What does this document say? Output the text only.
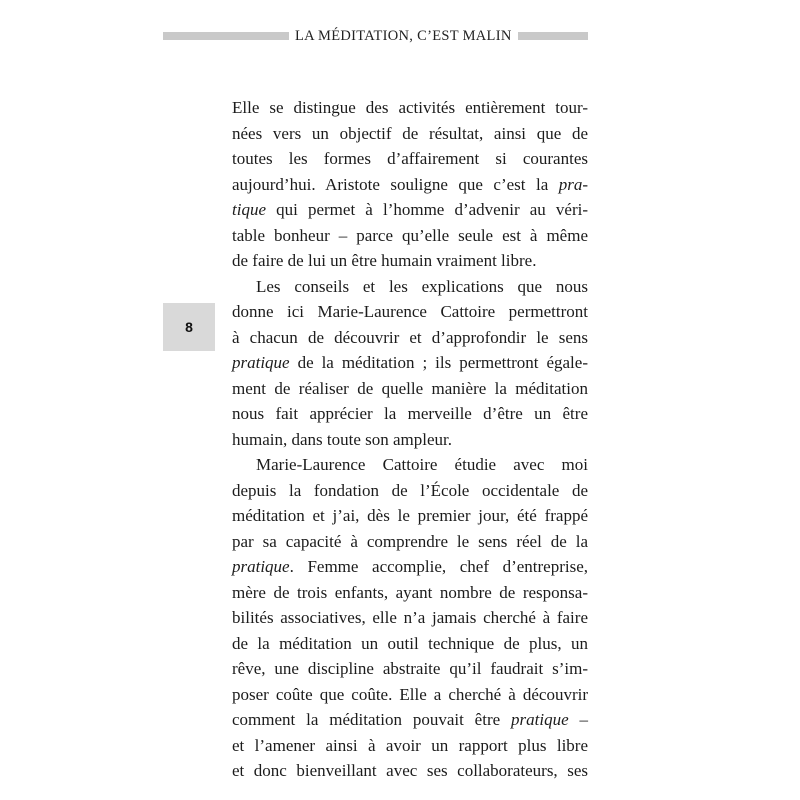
LA MÉDITATION, C’EST MALIN
8
Elle se distingue des activités entièrement tour-
nées vers un objectif de résultat, ainsi que de
toutes les formes d’affairement si courantes
aujourd’hui. Aristote souligne que c’est la pra-
tique qui permet à l’homme d’advenir au véri-
table bonheur – parce qu’elle seule est à même
de faire de lui un être humain vraiment libre.
Les conseils et les explications que nous
donne ici Marie-Laurence Cattoire permettront
à chacun de découvrir et d’approfondir le sens
pratique de la méditation ; ils permettront égale-
ment de réaliser de quelle manière la méditation
nous fait apprécier la merveille d’être un être
humain, dans toute son ampleur.
Marie-Laurence Cattoire étudie avec moi
depuis la fondation de l’École occidentale de
méditation et j’ai, dès le premier jour, été frappé
par sa capacité à comprendre le sens réel de la
pratique. Femme accomplie, chef d’entreprise,
mère de trois enfants, ayant nombre de responsa-
bilités associatives, elle n’a jamais cherché à faire
de la méditation un outil technique de plus, un
rêve, une discipline abstraite qu’il faudrait s’im-
poser coûte que coûte. Elle a cherché à découvrir
comment la méditation pouvait être pratique –
et l’amener ainsi à avoir un rapport plus libre
et donc bienveillant avec ses collaborateurs, ses
